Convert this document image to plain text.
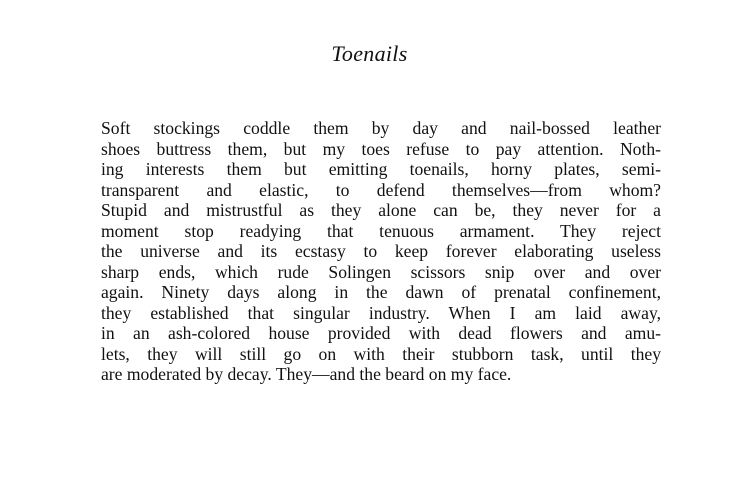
Toenails
Soft stockings coddle them by day and nail-bossed leather
shoes buttress them, but my toes refuse to pay attention. Noth-
ing interests them but emitting toenails, horny plates, semi-
transparent and elastic, to defend themselves—from whom?
Stupid and mistrustful as they alone can be, they never for a
moment stop readying that tenuous armament. They reject
the universe and its ecstasy to keep forever elaborating useless
sharp ends, which rude Solingen scissors snip over and over
again. Ninety days along in the dawn of prenatal confinement,
they established that singular industry. When I am laid away,
in an ash-colored house provided with dead flowers and amu-
lets, they will still go on with their stubborn task, until they
are moderated by decay. They—and the beard on my face.
